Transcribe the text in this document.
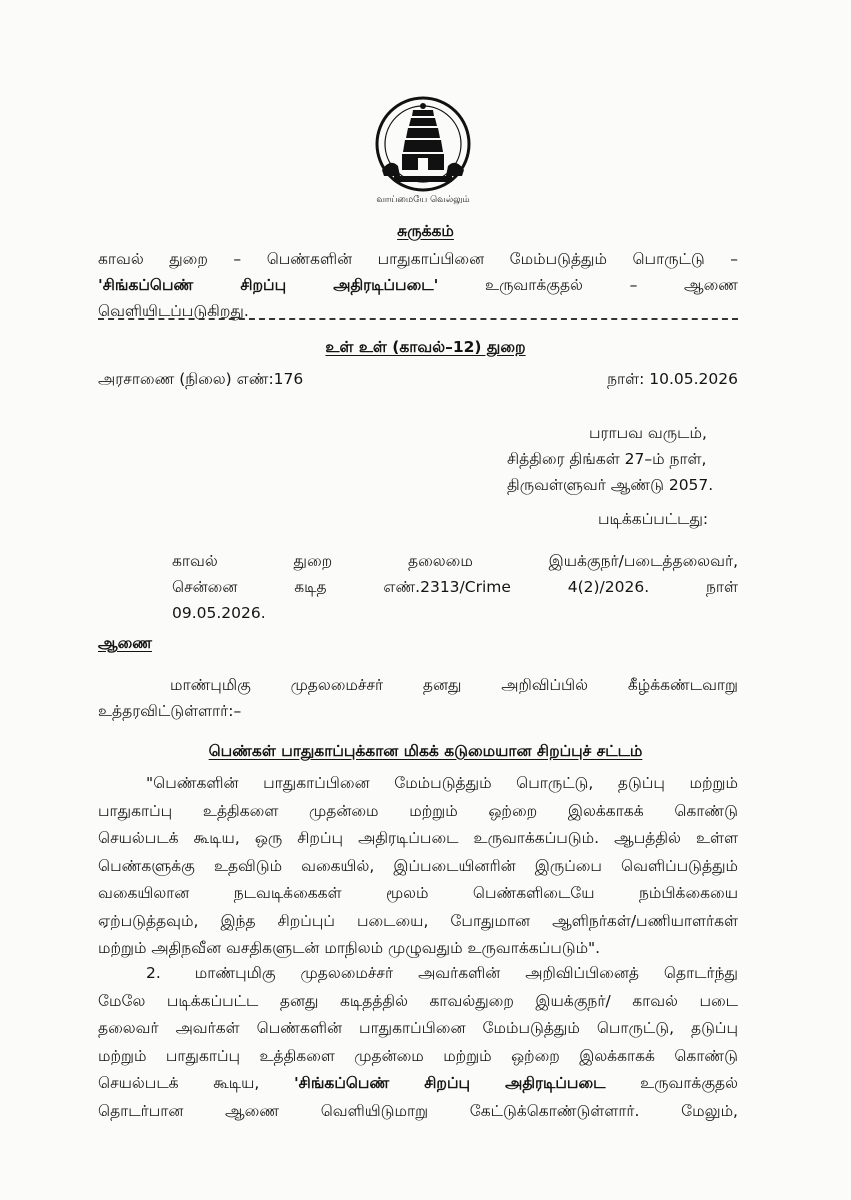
வாய்மையே வெல்லும்
சுருக்கம்
காவல் துறை – பெண்களின் பாதுகாப்பினை மேம்படுத்தும் பொருட்டு –
'சிங்கப்பெண் சிறப்பு அதிரடிப்படை' உருவாக்குதல் – ஆணை
வெளியிடப்படுகிறது.
உள் உள் (காவல்–12) துறை
அரசாணை (நிலை) எண்:176	நாள்: 10.05.2026
பராபவ வருடம்,
சித்திரை திங்கள் 27–ம் நாள்,
திருவள்ளுவர் ஆண்டு 2057.
படிக்கப்பட்டது:
காவல் துறை தலைமை இயக்குநர்/படைத்தலைவர்,
சென்னை கடித எண்.2313/Crime 4(2)/2026. நாள்
09.05.2026.
ஆணை
மாண்புமிகு முதலமைச்சர் தனது அறிவிப்பில் கீழ்க்கண்டவாறு
உத்தரவிட்டுள்ளார்:–
பெண்கள் பாதுகாப்புக்கான மிகக் கடுமையான சிறப்புச் சட்டம்
"பெண்களின் பாதுகாப்பினை மேம்படுத்தும் பொருட்டு, தடுப்பு மற்றும்
பாதுகாப்பு உத்திகளை முதன்மை மற்றும் ஒற்றை இலக்காகக் கொண்டு
செயல்படக் கூடிய, ஒரு சிறப்பு அதிரடிப்படை உருவாக்கப்படும். ஆபத்தில் உள்ள
பெண்களுக்கு உதவிடும் வகையில், இப்படையினரின் இருப்பை வெளிப்படுத்தும்
வகையிலான நடவடிக்கைகள் மூலம் பெண்களிடையே நம்பிக்கையை
ஏற்படுத்தவும், இந்த சிறப்புப் படையை, போதுமான ஆளிநர்கள்/பணியாளர்கள்
மற்றும் அதிநவீன வசதிகளுடன் மாநிலம் முழுவதும் உருவாக்கப்படும்".
2. மாண்புமிகு முதலமைச்சர் அவர்களின் அறிவிப்பினைத் தொடர்ந்து
மேலே படிக்கப்பட்ட தனது கடிதத்தில் காவல்துறை இயக்குநர்/ காவல் படை
தலைவர் அவர்கள் பெண்களின் பாதுகாப்பினை மேம்படுத்தும் பொருட்டு, தடுப்பு
மற்றும் பாதுகாப்பு உத்திகளை முதன்மை மற்றும் ஒற்றை இலக்காகக் கொண்டு
செயல்படக் கூடிய, 'சிங்கப்பெண் சிறப்பு அதிரடிப்படை உருவாக்குதல்
தொடர்பான ஆணை வெளியிடுமாறு கேட்டுக்கொண்டுள்ளார். மேலும்,
